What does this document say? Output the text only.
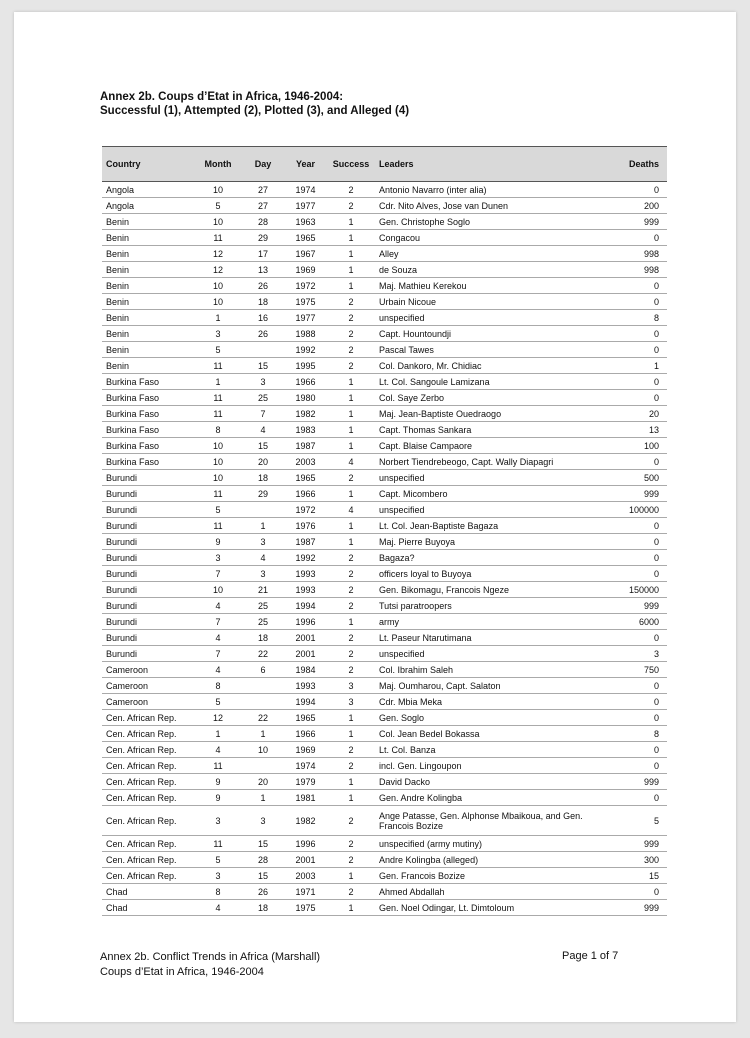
Annex 2b. Coups d’Etat in Africa, 1946-2004:
Successful (1), Attempted (2), Plotted (3), and Alleged (4)
Country	Month	Day	Year	Success	Leaders	Deaths
Angola	10	27	1974	2	Antonio Navarro (inter alia)	0
Angola	5	27	1977	2	Cdr. Nito Alves, Jose van Dunen	200
Benin	10	28	1963	1	Gen. Christophe Soglo	999
Benin	11	29	1965	1	Congacou	0
Benin	12	17	1967	1	Alley	998
Benin	12	13	1969	1	de Souza	998
Benin	10	26	1972	1	Maj. Mathieu Kerekou	0
Benin	10	18	1975	2	Urbain Nicoue	0
Benin	1	16	1977	2	unspecified	8
Benin	3	26	1988	2	Capt. Hountoundji	0
Benin	5		1992	2	Pascal Tawes	0
Benin	11	15	1995	2	Col. Dankoro, Mr. Chidiac	1
Burkina Faso	1	3	1966	1	Lt. Col. Sangoule Lamizana	0
Burkina Faso	11	25	1980	1	Col. Saye Zerbo	0
Burkina Faso	11	7	1982	1	Maj. Jean-Baptiste Ouedraogo	20
Burkina Faso	8	4	1983	1	Capt. Thomas Sankara	13
Burkina Faso	10	15	1987	1	Capt. Blaise Campaore	100
Burkina Faso	10	20	2003	4	Norbert Tiendrebeogo, Capt. Wally Diapagri	0
Burundi	10	18	1965	2	unspecified	500
Burundi	11	29	1966	1	Capt. Micombero	999
Burundi	5		1972	4	unspecified	100000
Burundi	11	1	1976	1	Lt. Col. Jean-Baptiste Bagaza	0
Burundi	9	3	1987	1	Maj. Pierre Buyoya	0
Burundi	3	4	1992	2	Bagaza?	0
Burundi	7	3	1993	2	officers loyal to Buyoya	0
Burundi	10	21	1993	2	Gen. Bikomagu, Francois Ngeze	150000
Burundi	4	25	1994	2	Tutsi paratroopers	999
Burundi	7	25	1996	1	army	6000
Burundi	4	18	2001	2	Lt. Paseur Ntarutimana	0
Burundi	7	22	2001	2	unspecified	3
Cameroon	4	6	1984	2	Col. Ibrahim Saleh	750
Cameroon	8		1993	3	Maj. Oumharou, Capt. Salaton	0
Cameroon	5		1994	3	Cdr. Mbia Meka	0
Cen. African Rep.	12	22	1965	1	Gen. Soglo	0
Cen. African Rep.	1	1	1966	1	Col. Jean Bedel Bokassa	8
Cen. African Rep.	4	10	1969	2	Lt. Col. Banza	0
Cen. African Rep.	11		1974	2	incl. Gen. Lingoupon	0
Cen. African Rep.	9	20	1979	1	David Dacko	999
Cen. African Rep.	9	1	1981	1	Gen. Andre Kolingba	0
Cen. African Rep.	3	3	1982	2	Ange Patasse, Gen. Alphonse Mbaikoua, and Gen. Francois Bozize	5
Cen. African Rep.	11	15	1996	2	unspecified (army mutiny)	999
Cen. African Rep.	5	28	2001	2	Andre Kolingba (alleged)	300
Cen. African Rep.	3	15	2003	1	Gen. Francois Bozize	15
Chad	8	26	1971	2	Ahmed Abdallah	0
Chad	4	18	1975	1	Gen. Noel Odingar, Lt. Dimtoloum	999
Annex 2b. Conflict Trends in Africa (Marshall)
Coups d’Etat in Africa, 1946-2004
Page 1 of 7
